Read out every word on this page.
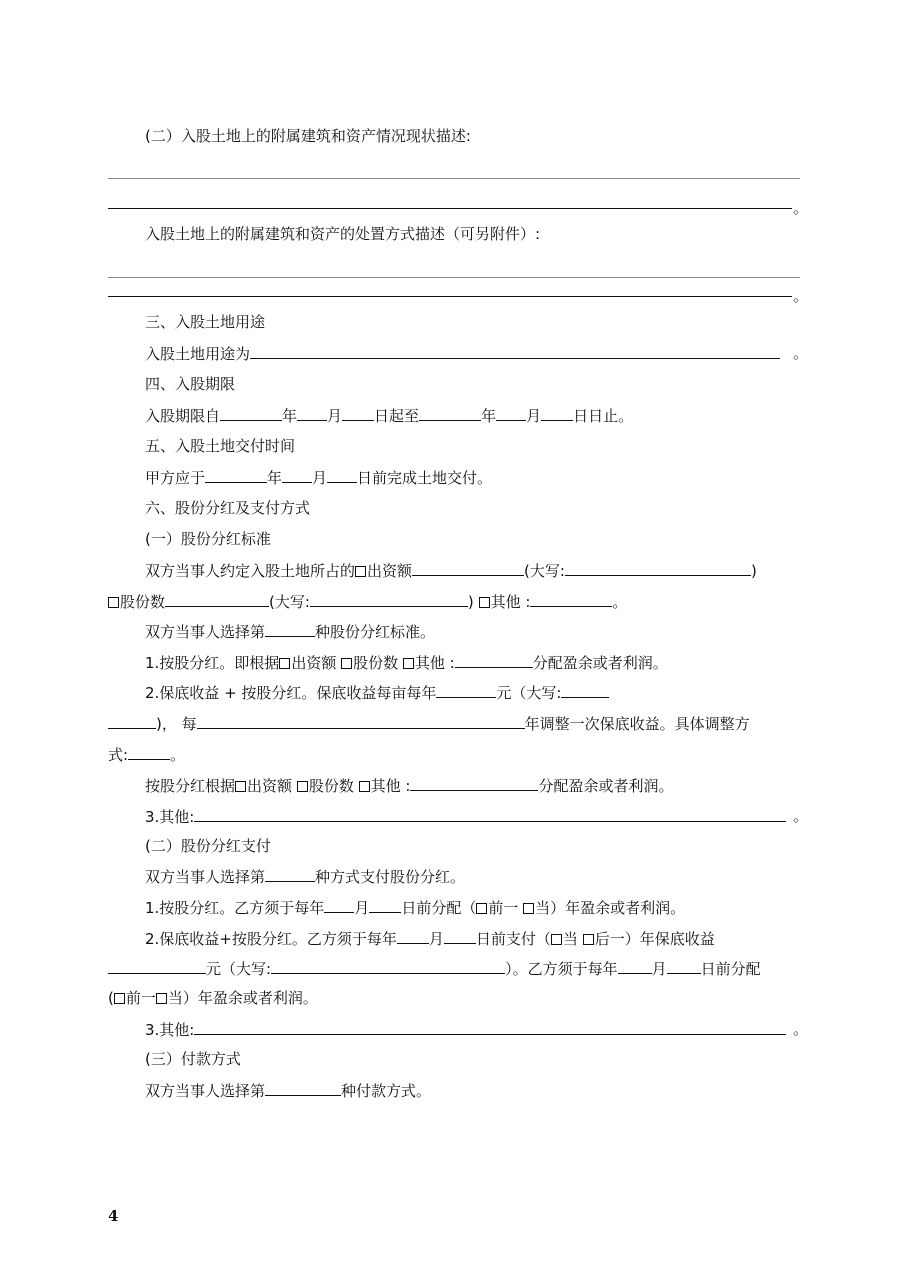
(二）入股土地上的附属建筑和资产情况现状描述:
。
入股土地上的附属建筑和资产的处置方式描述（可另附件）:
。
三、入股土地用途
入股土地用途为	。
四、入股期限
入股期限自	年 月 日起至	年 月 日日止。
五、入股土地交付时间
甲方应于	年 月 日前完成土地交付。
六、股份分红及支付方式
(一）股份分红标准
双方当事人约定入股土地所占的 出资额	(大写:	)
股份数	(大写:	) 其他 :	。
双方当事人选择第	种股份分红标准。
1.按股分红。即根据 出资额 股份数 其他 :	分配盈余或者利润。
2.保底收益 + 按股分红。保底收益每亩每年	元（大写:
)， 每	年调整一次保底收益。具体调整方
式:	。
按股分红根据 出资额 股份数 其他 :	分配盈余或者利润。
3.其他:	。
(二）股份分红支付
双方当事人选择第	种方式支付股份分红。
1.按股分红。乙方须于每年 月 日前分配（ 前一 当）年盈余或者利润。
2.保底收益+按股分红。乙方须于每年 月 日前支付（ 当 后一）年保底收益
元（大写:	）。乙方须于每年 月 日前分配
( 前一 当）年盈余或者利润。
3.其他:	。
(三）付款方式
双方当事人选择第	种付款方式。
4
